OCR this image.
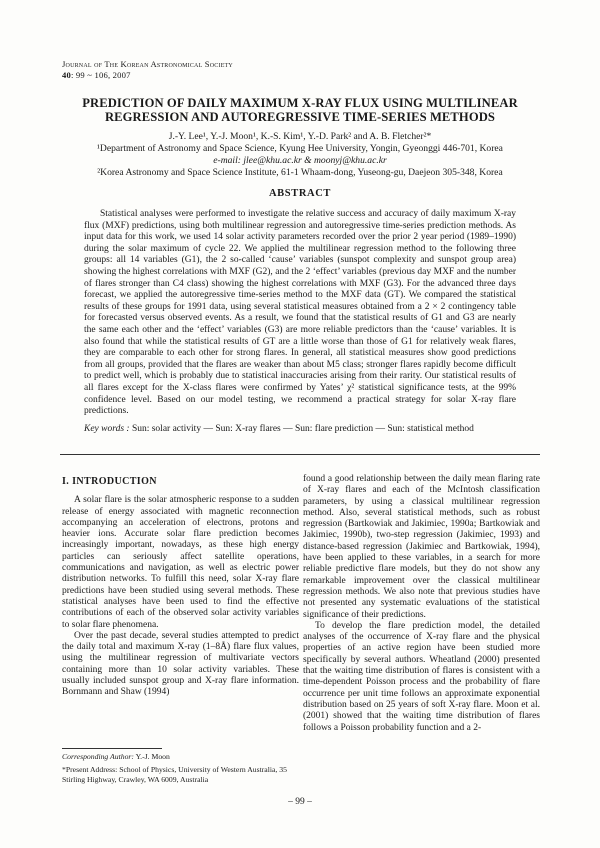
Journal of The Korean Astronomical Society
40: 99 ~ 106, 2007
PREDICTION OF DAILY MAXIMUM X-RAY FLUX USING MULTILINEAR
REGRESSION AND AUTOREGRESSIVE TIME-SERIES METHODS
J.-Y. Lee¹, Y.-J. Moon¹, K.-S. Kim¹, Y.-D. Park² and A. B. Fletcher²*
¹Department of Astronomy and Space Science, Kyung Hee University, Yongin, Gyeonggi 446-701, Korea
e-mail: jlee@khu.ac.kr & moonyj@khu.ac.kr
²Korea Astronomy and Space Science Institute, 61-1 Whaam-dong, Yuseong-gu, Daejeon 305-348, Korea
ABSTRACT
Statistical analyses were performed to investigate the relative success and accuracy of daily maximum X-ray flux (MXF) predictions, using both multilinear regression and autoregressive time-series prediction methods. As input data for this work, we used 14 solar activity parameters recorded over the prior 2 year period (1989–1990) during the solar maximum of cycle 22. We applied the multilinear regression method to the following three groups: all 14 variables (G1), the 2 so-called ‘cause’ variables (sunspot complexity and sunspot group area) showing the highest correlations with MXF (G2), and the 2 ‘effect’ variables (previous day MXF and the number of flares stronger than C4 class) showing the highest correlations with MXF (G3). For the advanced three days forecast, we applied the autoregressive time-series method to the MXF data (GT). We compared the statistical results of these groups for 1991 data, using several statistical measures obtained from a 2 × 2 contingency table for forecasted versus observed events. As a result, we found that the statistical results of G1 and G3 are nearly the same each other and the ‘effect’ variables (G3) are more reliable predictors than the ‘cause’ variables. It is also found that while the statistical results of GT are a little worse than those of G1 for relatively weak flares, they are comparable to each other for strong flares. In general, all statistical measures show good predictions from all groups, provided that the flares are weaker than about M5 class; stronger flares rapidly become difficult to predict well, which is probably due to statistical inaccuracies arising from their rarity. Our statistical results of all flares except for the X-class flares were confirmed by Yates’ χ² statistical significance tests, at the 99% confidence level. Based on our model testing, we recommend a practical strategy for solar X-ray flare predictions.
Key words : Sun: solar activity — Sun: X-ray flares — Sun: flare prediction — Sun: statistical method
I. INTRODUCTION

A solar flare is the solar atmospheric response to a sudden release of energy associated with magnetic reconnection accompanying an acceleration of electrons, protons and heavier ions. Accurate solar flare prediction becomes increasingly important, nowadays, as these high energy particles can seriously affect satellite operations, communications and navigation, as well as electric power distribution networks. To fulfill this need, solar X-ray flare predictions have been studied using several methods. These statistical analyses have been used to find the effective contributions of each of the observed solar activity variables to solar flare phenomena.

Over the past decade, several studies attempted to predict the daily total and maximum X-ray (1–8Å) flare flux values, using the multilinear regression of multivariate vectors containing more than 10 solar activity variables. These usually included sunspot group and X-ray flare information. Bornmann and Shaw (1994)

found a good relationship between the daily mean flaring rate of X-ray flares and each of the McIntosh classification parameters, by using a classical multilinear regression method. Also, several statistical methods, such as robust regression (Bartkowiak and Jakimiec, 1990a; Bartkowiak and Jakimiec, 1990b), two-step regression (Jakimiec, 1993) and distance-based regression (Jakimiec and Bartkowiak, 1994), have been applied to these variables, in a search for more reliable predictive flare models, but they do not show any remarkable improvement over the classical multilinear regression methods. We also note that previous studies have not presented any systematic evaluations of the statistical significance of their predictions.

To develop the flare prediction model, the detailed analyses of the occurrence of X-ray flare and the physical properties of an active region have been studied more specifically by several authors. Wheatland (2000) presented that the waiting time distribution of flares is consistent with a time-dependent Poisson process and the probability of flare occurrence per unit time follows an approximate exponential distribution based on 25 years of soft X-ray flare. Moon et al. (2001) showed that the waiting time distribution of flares follows a Poisson probability function and a 2-

Corresponding Author: Y.-J. Moon
*Present Address: School of Physics, University of Western Australia, 35 Stirling Highway, Crawley, WA 6009, Australia
– 99 –
